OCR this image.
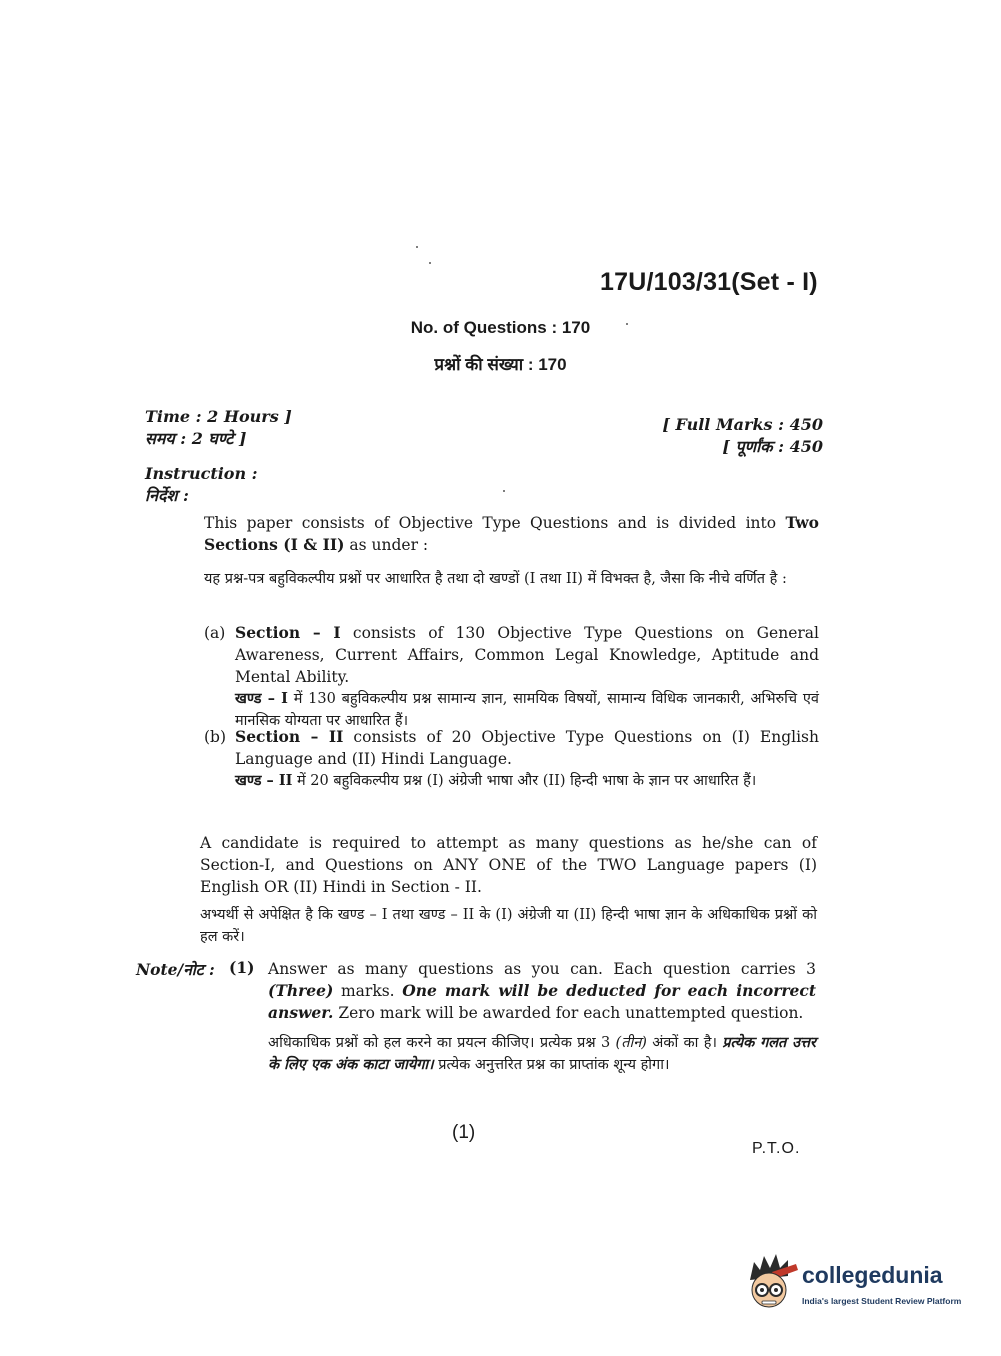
17U/103/31(Set - I)
No. of Questions : 170
प्रश्नों की संख्या : 170
Time : 2 Hours ]
समय : 2 घण्टे ]
[ Full Marks : 450
[ पूर्णांक : 450
Instruction :
निर्देश :
This paper consists of Objective Type Questions and is divided into Two Sections (I & II) as under :
यह प्रश्न-पत्र बहुविकल्पीय प्रश्नों पर आधारित है तथा दो खण्डों (I तथा II) में विभक्त है, जैसा कि नीचे वर्णित है :
(a) Section – I consists of 130 Objective Type Questions on General Awareness, Current Affairs, Common Legal Knowledge, Aptitude and Mental Ability.
खण्ड – I में 130 बहुविकल्पीय प्रश्न सामान्य ज्ञान, सामयिक विषयों, सामान्य विधिक जानकारी, अभिरुचि एवं मानसिक योग्यता पर आधारित हैं।
(b) Section – II consists of 20 Objective Type Questions on (I) English Language and (II) Hindi Language.
खण्ड – II में 20 बहुविकल्पीय प्रश्न (I) अंग्रेजी भाषा और (II) हिन्दी भाषा के ज्ञान पर आधारित हैं।
A candidate is required to attempt as many questions as he/she can of Section-I, and Questions on ANY ONE of the TWO Language papers (I) English OR (II) Hindi in Section - II.
अभ्यर्थी से अपेक्षित है कि खण्ड – I तथा खण्ड – II के (I) अंग्रेजी या (II) हिन्दी भाषा ज्ञान के अधिकाधिक प्रश्नों को हल करें।
Note/नोट : (1) Answer as many questions as you can. Each question carries 3 (Three) marks. One mark will be deducted for each incorrect answer. Zero mark will be awarded for each unattempted question.
अधिकाधिक प्रश्नों को हल करने का प्रयत्न कीजिए। प्रत्येक प्रश्न 3 (तीन) अंकों का है। प्रत्येक गलत उत्तर के लिए एक अंक काटा जायेगा। प्रत्येक अनुत्तरित प्रश्न का प्राप्तांक शून्य होगा।
(1)
P.T.O.
collegedunia
India's largest Student Review Platform
